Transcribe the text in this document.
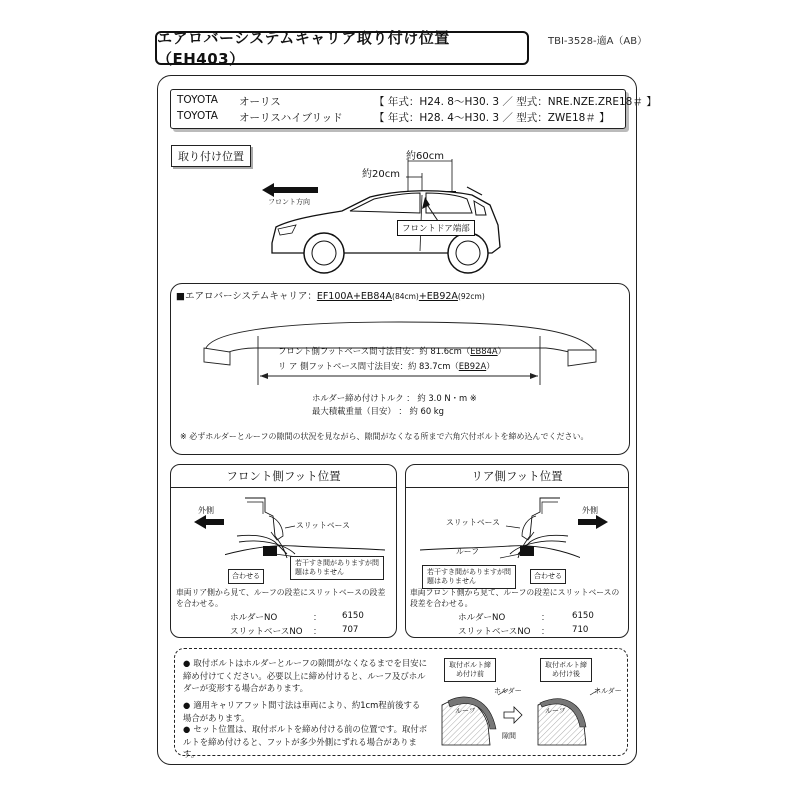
エアロバーシステムキャリア取り付け位置（EH403）
TBI-3528-適A（AB）
TOYOTA	オーリス	【 年式：H24. 8～H30. 3 ／ 型式：NRE.NZE.ZRE18＃ 】
TOYOTA	オーリスハイブリッド	【 年式：H28. 4～H30. 3 ／ 型式：ZWE18＃ 】
取り付け位置
フロント方向
約60cm
約20cm
フロントドア端部
■エアロバーシステムキャリア：EF100A+EB84A(84cm)+EB92A(92cm)
フロント側フットベース間寸法目安：約 81.6cm（EB84A）
リ ア 側フットベース間寸法目安：約 83.7cm（EB92A）
ホルダー締め付けトルク ： 約 3.0 N・m ※
最大積載重量（目安） ： 約 60 kg
※ 必ずホルダーとルーフの隙間の状況を見ながら、隙間がなくなる所まで六角穴付ボルトを締め込んでください。
フロント側フット位置
外側
スリットベース
合わせる
若干すき間がありますが問題はありません
車両リア側から見て、ルーフの段差にスリットベースの段差を合わせる。
ホルダーNO	： 6150
スリットベースNO ： 707
リア側フット位置
外側
スリットベース
ルーフ
合わせる
若干すき間がありますが問題はありません
車両フロント側から見て、ルーフの段差にスリットベースの段差を合わせる。
ホルダーNO	：	6150
スリットベースNO ：	710
● 取付ボルトはホルダーとルーフの隙間がなくなるまでを目安に締め付けてください。必要以上に締め付けると、ルーフ及びホルダーが変形する場合があります。
● 適用キャリアフット間寸法は車両により、約1cm程前後する場合があります。
● セット位置は、取付ボルトを締め付ける前の位置です。取付ボルトを締め付けると、フットが多少外側にずれる場合があります。
取付ボルト締め付け前
取付ボルト締め付け後
ホルダー	ホルダー
ルーフ	ルーフ
隙間
